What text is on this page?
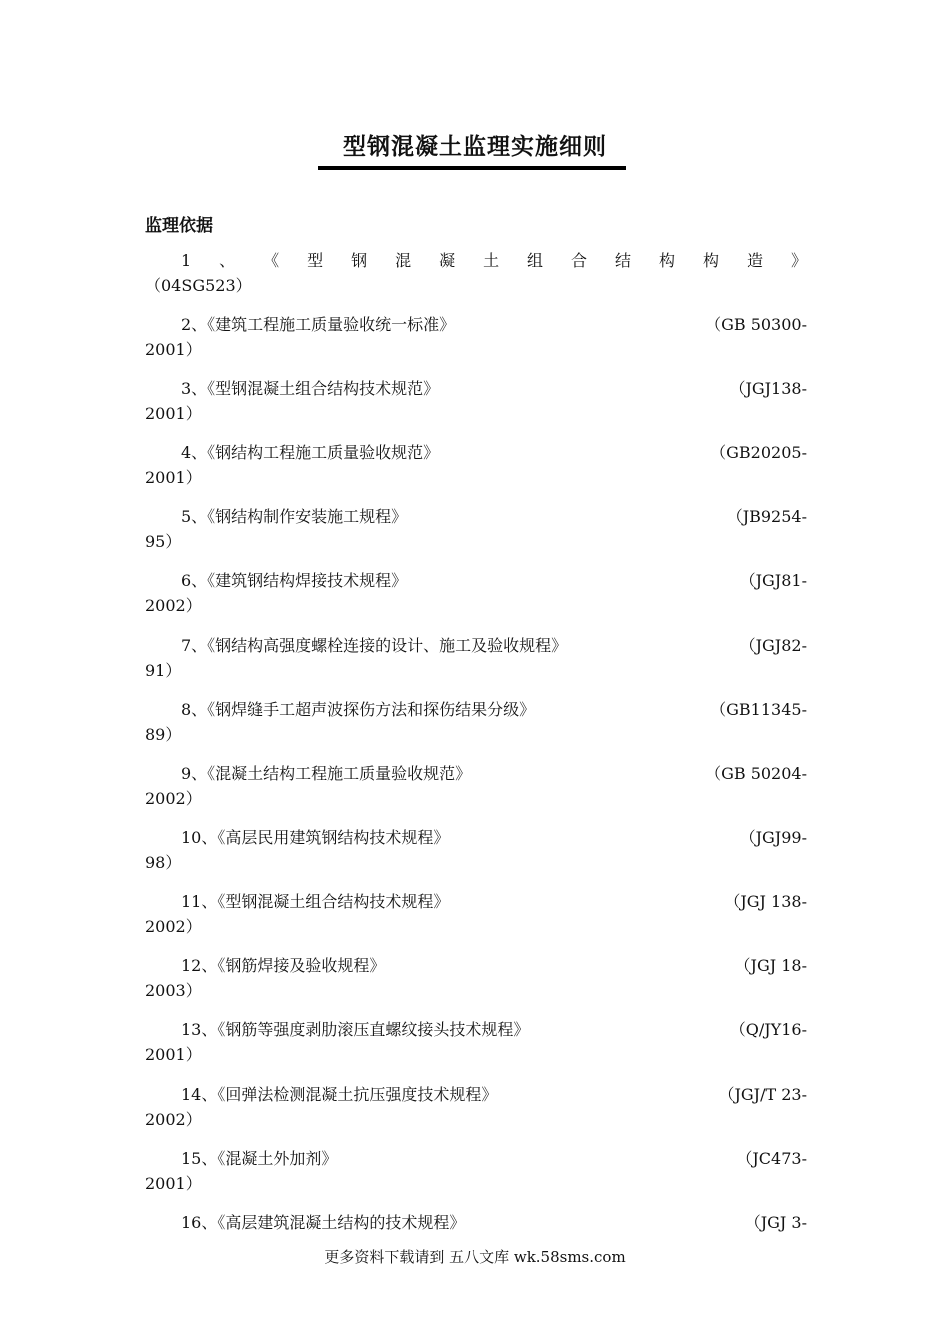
型钢混凝土监理实施细则
监理依据
1 、 《 型 钢 混 凝 土 组 合 结 构 构 造 》
（04SG523）
2、《建筑工程施工质量验收统一标准》	（GB 50300-
2001）
3、《型钢混凝土组合结构技术规范》	（JGJ138-
2001）
4、《钢结构工程施工质量验收规范》	（GB20205-
2001）
5、《钢结构制作安装施工规程》	（JB9254-
95）
6、《建筑钢结构焊接技术规程》	（JGJ81-
2002）
7、《钢结构高强度螺栓连接的设计、施工及验收规程》	（JGJ82-
91）
8、《钢焊缝手工超声波探伤方法和探伤结果分级》	（GB11345-
89）
9、《混凝土结构工程施工质量验收规范》	（GB 50204-
2002）
10、《高层民用建筑钢结构技术规程》	（JGJ99-
98）
11、《型钢混凝土组合结构技术规程》	（JGJ 138-
2002）
12、《钢筋焊接及验收规程》	（JGJ 18-
2003）
13、《钢筋等强度剥肋滚压直螺纹接头技术规程》	（Q/JY16-
2001）
14、《回弹法检测混凝土抗压强度技术规程》	（JGJ/T 23-
2002）
15、《混凝土外加剂》	（JC473-
2001）
16、《高层建筑混凝土结构的技术规程》	（JGJ 3-
更多资料下载请到 五八文库 wk.58sms.com
